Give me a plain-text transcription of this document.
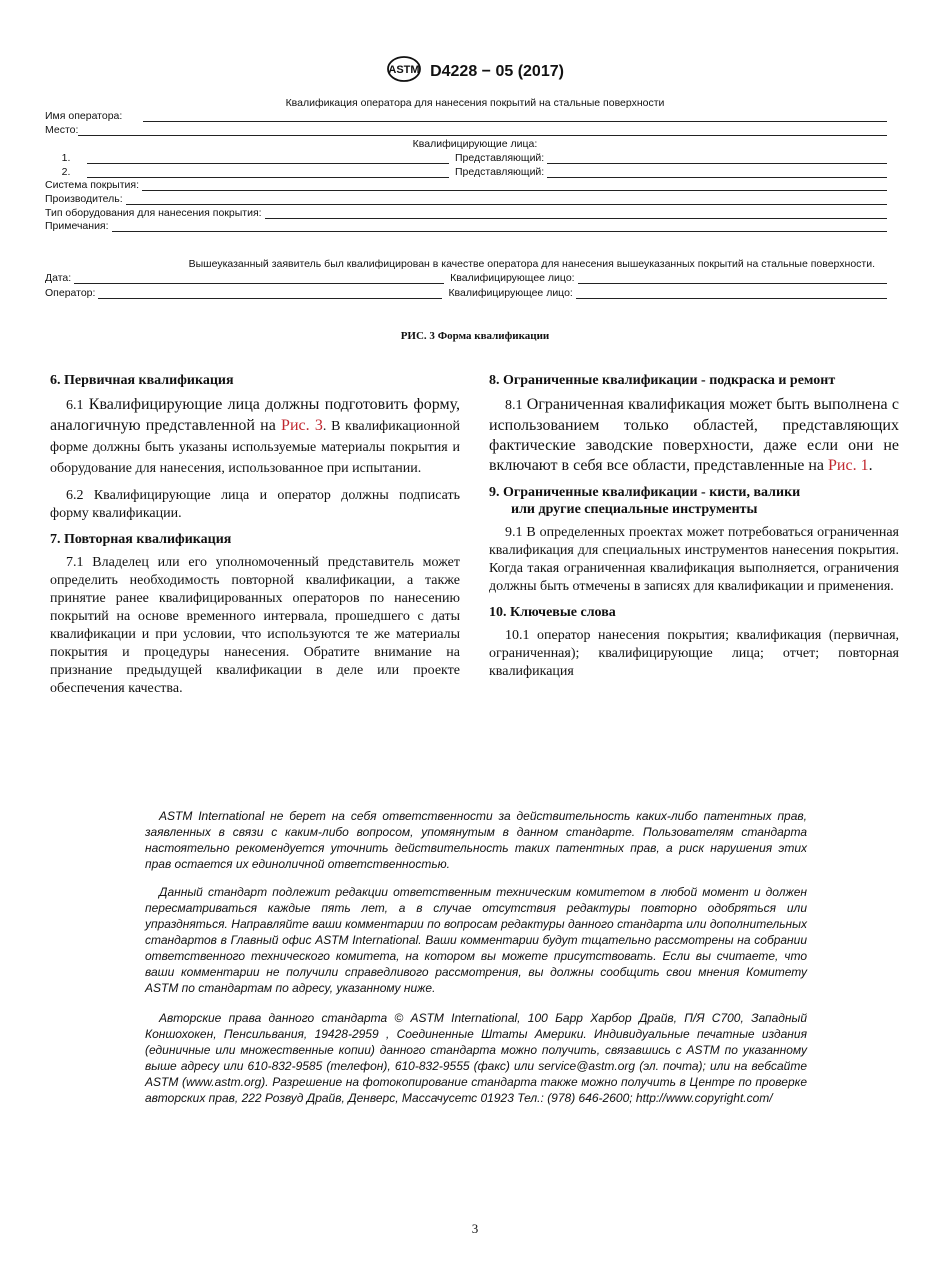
ASTM D4228 − 05 (2017)
Квалификация оператора для нанесения покрытий на стальные поверхности
Имя оператора:
Место:
Квалифицирующие лица:
1.	Представляющий:
2.	Представляющий:
Система покрытия:
Производитель:
Тип оборудования для нанесения покрытия:
Примечания:
Вышеуказанный заявитель был квалифицирован в качестве оператора для нанесения вышеуказанных покрытий на стальные поверхности.
Дата:	Квалифицирующее лицо:
Оператор:	Квалифицирующее лицо:
РИС. 3 Форма квалификации
6. Первичная квалификация

6.1 Квалифицирующие лица должны подготовить форму, аналогичную представленной на Рис. 3. В квалификационной форме должны быть указаны используемые материалы покрытия и оборудование для нанесения, использованное при испытании.

6.2 Квалифицирующие лица и оператор должны подписать форму квалификации.

7. Повторная квалификация

7.1 Владелец или его уполномоченный представитель может определить необходимость повторной квалификации, а также принятие ранее квалифицированных операторов по нанесению покрытий на основе временного интервала, прошедшего с даты квалификации и при условии, что используются те же материалы покрытия и процедуры нанесения. Обратите внимание на признание предыдущей квалификации в деле или проекте обеспечения качества.

8. Ограниченные квалификации - подкраска и ремонт

8.1 Ограниченная квалификация может быть выполнена с использованием только областей, представляющих фактические заводские поверхности, даже если они не включают в себя все области, представленные на Рис. 1.

9. Ограниченные квалификации - кисти, валики
или другие специальные инструменты

9.1 В определенных проектах может потребоваться ограниченная квалификация для специальных инструментов нанесения покрытия. Когда такая ограниченная квалификация выполняется, ограничения должны быть отмечены в записях для квалификации и применения.

10. Ключевые слова

10.1 оператор нанесения покрытия; квалификация (первичная, ограниченная); квалифицирующие лица; отчет; повторная квалификация

ASTM International не берет на себя ответственности за действительность каких-либо патентных прав, заявленных в связи с каким-либо вопросом, упомянутым в данном стандарте. Пользователям стандарта настоятельно рекомендуется уточнить действительность таких патентных прав, а риск нарушения этих прав остается их единоличной ответственностью.

Данный стандарт подлежит редакции ответственным техническим комитетом в любой момент и должен пересматриваться каждые пять лет, а в случае отсутствия редактуры повторно одобряться или упраздняться. Направляйте ваши комментарии по вопросам редактуры данного стандарта или дополнительных стандартов в Главный офис ASTM International. Ваши комментарии будут тщательно рассмотрены на собрании ответственного технического комитета, на котором вы можете присутствовать. Если вы считаете, что ваши комментарии не получили справедливого рассмотрения, вы должны сообщить свои мнения Комитету ASTM по стандартам по адресу, указанному ниже.

Авторские права данного стандарта © ASTM International, 100 Барр Харбор Драйв, П/Я C700, Западный Коншохокен, Пенсильвания, 19428-2959 , Соединенные Штаты Америки. Индивидуальные печатные издания (единичные или множественные копии) данного стандарта можно получить, связавшись с ASTM по указанному выше адресу или 610-832-9585 (телефон), 610-832-9555 (факс) или service@astm.org (эл. почта); или на вебсайте ASTM (www.astm.org). Разрешение на фотокопирование стандарта также можно получить в Центре по проверке авторских прав, 222 Розвуд Драйв, Денверс, Массачусетс 01923 Тел.: (978) 646-2600; http://www.copyright.com/

3
